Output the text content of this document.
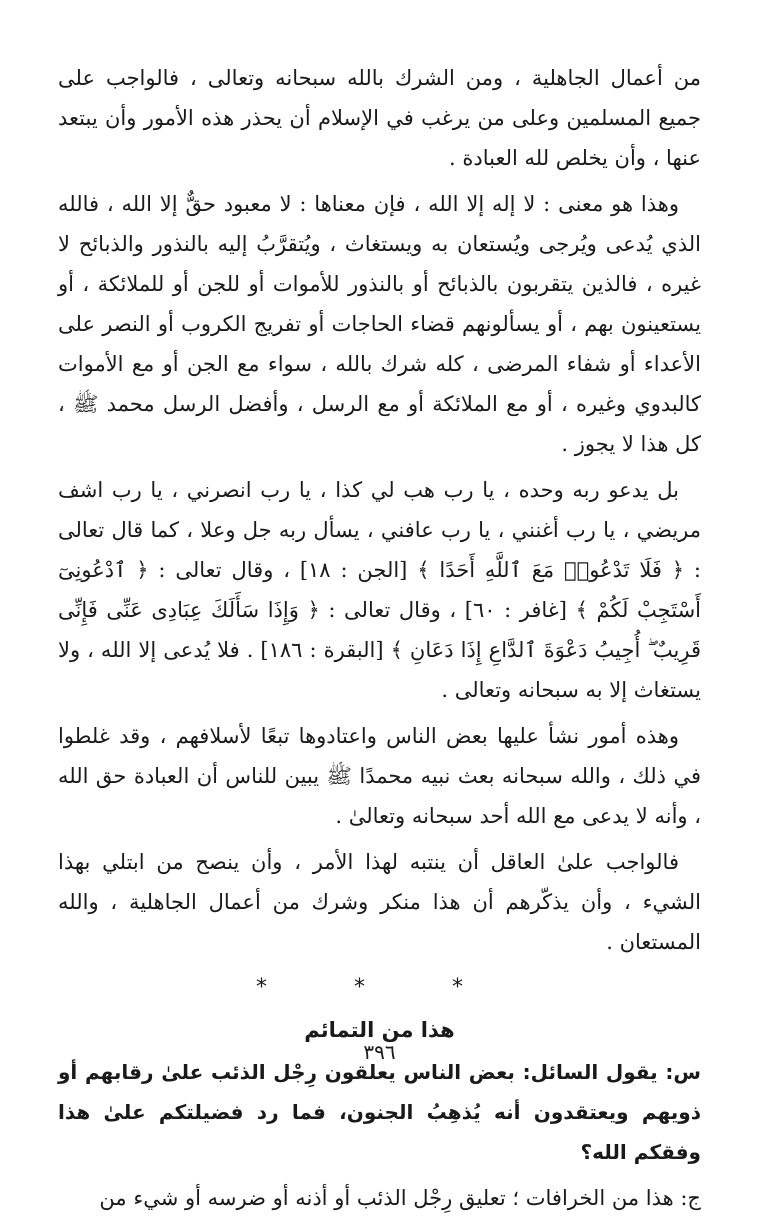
من أعمال الجاهلية ، ومن الشرك بالله سبحانه وتعالى ، فالواجب على جميع المسلمين وعلى من يرغب في الإسلام أن يحذر هذه الأمور وأن يبتعد عنها ، وأن يخلص لله العبادة .

وهذا هو معنى : لا إله إلا الله ، فإن معناها : لا معبود حقٌّ إلا الله ، فالله الذي يُدعى ويُرجى ويُستعان به ويستغاث ، ويُتقرَّبُ إليه بالنذور والذبائح لا غيره ، فالذين يتقربون بالذبائح أو بالنذور للأموات أو للجن أو للملائكة ، أو يستعينون بهم ، أو يسألونهم قضاء الحاجات أو تفريج الكروب أو النصر على الأعداء أو شفاء المرضى ، كله شرك بالله ، سواء مع الجن أو مع الأموات كالبدوي وغيره ، أو مع الملائكة أو مع الرسل ، وأفضل الرسل محمد ﷺ ، كل هذا لا يجوز .

بل يدعو ربه وحده ، يا رب هب لي كذا ، يا رب انصرني ، يا رب اشف مريضي ، يا رب أغنني ، يا رب عافني ، يسأل ربه جل وعلا ، كما قال تعالى : ﴿ فَلَا تَدْعُوا۟ مَعَ ٱللَّهِ أَحَدًا ﴾ [الجن : ١٨] ، وقال تعالى : ﴿ ٱدْعُونِىٓ أَسْتَجِبْ لَكُمْ ﴾ [غافر : ٦٠] ، وقال تعالى : ﴿ وَإِذَا سَأَلَكَ عِبَادِى عَنِّى فَإِنِّى قَرِيبٌ ۖ أُجِيبُ دَعْوَةَ ٱلدَّاعِ إِذَا دَعَانِ ﴾ [البقرة : ١٨٦] . فلا يُدعى إلا الله ، ولا يستغاث إلا به سبحانه وتعالى .

وهذه أمور نشأ عليها بعض الناس واعتادوها تبعًا لأسلافهم ، وقد غلطوا في ذلك ، والله سبحانه بعث نبيه محمدًا ﷺ يبين للناس أن العبادة حق الله ، وأنه لا يدعى مع الله أحد سبحانه وتعالىٰ .

فالواجب علىٰ العاقل أن ينتبه لهذا الأمر ، وأن ينصح من ابتلي بهذا الشيء ، وأن يذكّرهم أن هذا منكر وشرك من أعمال الجاهلية ، والله المستعان .

* * *
هذا من التمائم

س: يقول السائل: بعض الناس يعلقون رِجْل الذئب علىٰ رقابهم أو ذويهم ويعتقدون أنه يُذهِبُ الجنون، فما رد فضيلتكم علىٰ هذا وفقكم الله؟

ج: هذا من الخرافات ؛ تعليق رِجْل الذئب أو أذنه أو ضرسه أو شيء من

٣٩٦
